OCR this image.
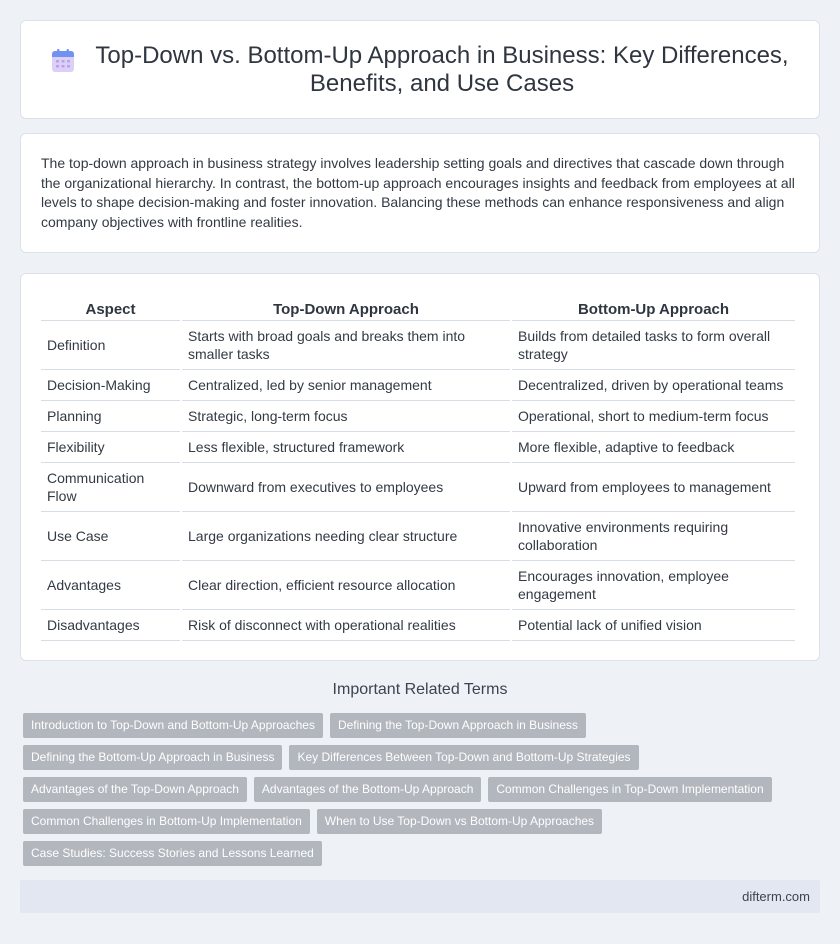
Top-Down vs. Bottom-Up Approach in Business: Key Differences, Benefits, and Use Cases

The top-down approach in business strategy involves leadership setting goals and directives that cascade down through the organizational hierarchy. In contrast, the bottom-up approach encourages insights and feedback from employees at all levels to shape decision-making and foster innovation. Balancing these methods can enhance responsiveness and align company objectives with frontline realities.

Aspect	Top-Down Approach	Bottom-Up Approach
Definition	Starts with broad goals and breaks them into smaller tasks	Builds from detailed tasks to form overall strategy
Decision-Making	Centralized, led by senior management	Decentralized, driven by operational teams
Planning	Strategic, long-term focus	Operational, short to medium-term focus
Flexibility	Less flexible, structured framework	More flexible, adaptive to feedback
Communication Flow	Downward from executives to employees	Upward from employees to management
Use Case	Large organizations needing clear structure	Innovative environments requiring collaboration
Advantages	Clear direction, efficient resource allocation	Encourages innovation, employee engagement
Disadvantages	Risk of disconnect with operational realities	Potential lack of unified vision
Important Related Terms
Introduction to Top-Down and Bottom-Up Approaches	Defining the Top-Down Approach in Business
Defining the Bottom-Up Approach in Business	Key Differences Between Top-Down and Bottom-Up Strategies
Advantages of the Top-Down Approach	Advantages of the Bottom-Up Approach	Common Challenges in Top-Down Implementation
Common Challenges in Bottom-Up Implementation	When to Use Top-Down vs Bottom-Up Approaches
Case Studies: Success Stories and Lessons Learned
difterm.com
